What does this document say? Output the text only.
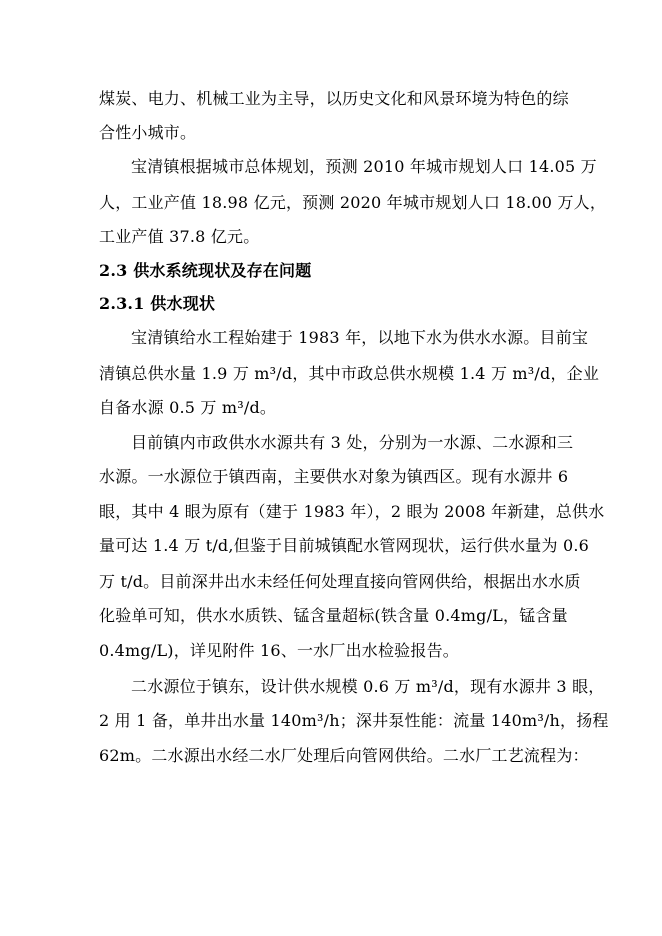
煤炭、电力、机械工业为主导，以历史文化和风景环境为特色的综
合性小城市。
宝清镇根据城市总体规划，预测 2010 年城市规划人口 14.05 万
人，工业产值 18.98 亿元，预测 2020 年城市规划人口 18.00 万人，
工业产值 37.8 亿元。
2.3 供水系统现状及存在问题
2.3.1 供水现状
宝清镇给水工程始建于 1983 年，以地下水为供水水源。目前宝
清镇总供水量 1.9 万 m³/d，其中市政总供水规模 1.4 万 m³/d，企业
自备水源 0.5 万 m³/d。
目前镇内市政供水水源共有 3 处，分别为一水源、二水源和三
水源。一水源位于镇西南，主要供水对象为镇西区。现有水源井 6
眼，其中 4 眼为原有（建于 1983 年），2 眼为 2008 年新建，总供水
量可达 1.4 万 t/d,但鉴于目前城镇配水管网现状，运行供水量为 0.6
万 t/d。目前深井出水未经任何处理直接向管网供给，根据出水水质
化验单可知，供水水质铁、锰含量超标(铁含量 0.4mg/L，锰含量
0.4mg/L)，详见附件 16、一水厂出水检验报告。
二水源位于镇东，设计供水规模 0.6 万 m³/d，现有水源井 3 眼，
2 用 1 备，单井出水量 140m³/h；深井泵性能：流量 140m³/h，扬程
62m。二水源出水经二水厂处理后向管网供给。二水厂工艺流程为：
